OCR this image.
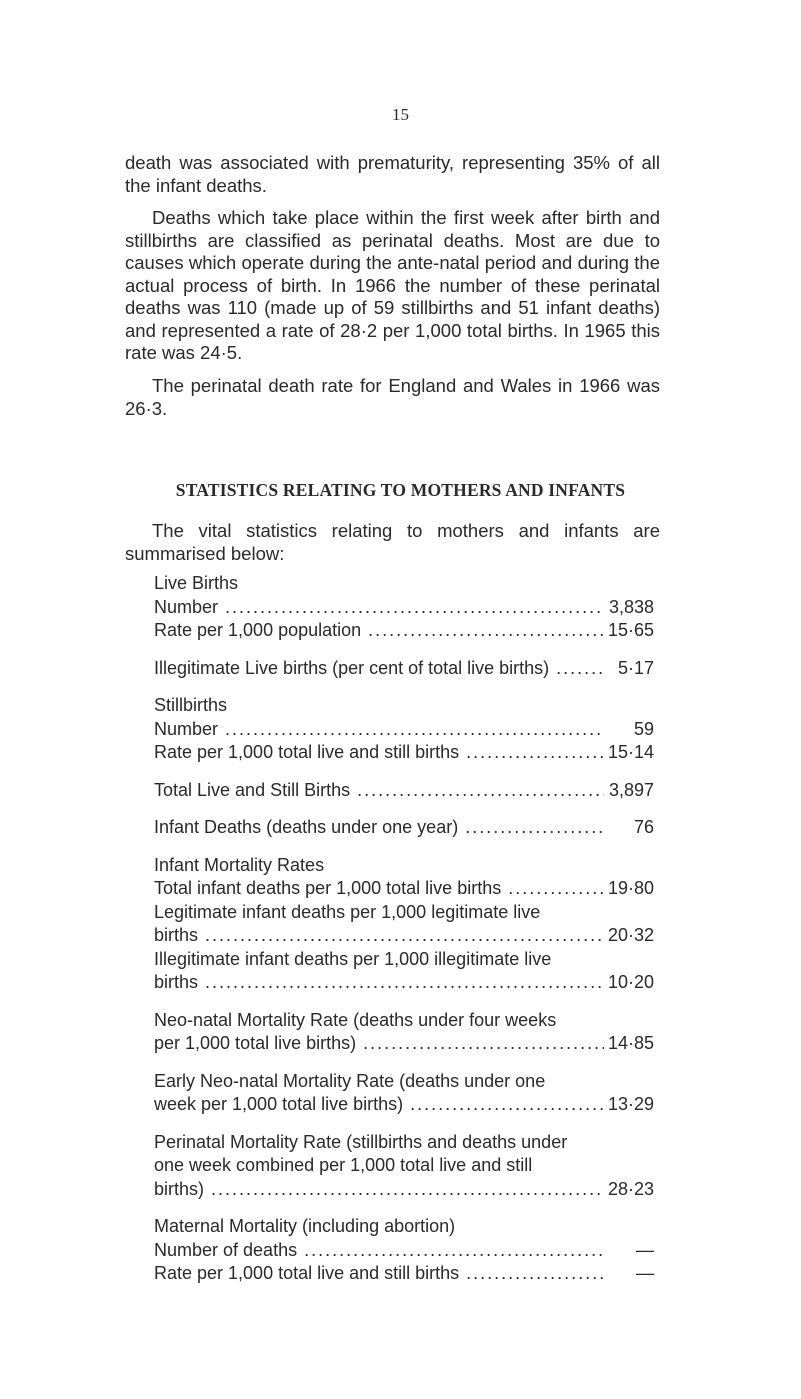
15

death was associated with prematurity, representing 35% of all the infant deaths.

Deaths which take place within the first week after birth and stillbirths are classified as perinatal deaths. Most are due to causes which operate during the ante-natal period and during the actual process of birth. In 1966 the number of these perinatal deaths was 110 (made up of 59 stillbirths and 51 infant deaths) and represented a rate of 28·2 per 1,000 total births. In 1965 this rate was 24·5.

The perinatal death rate for England and Wales in 1966 was 26·3.

STATISTICS RELATING TO MOTHERS AND INFANTS

The vital statistics relating to mothers and infants are summarised below:

Live Births
Number .....	3,838
Rate per 1,000 population .....	15·65
Illegitimate Live births (per cent of total live births) .....	5·17
Stillbirths
Number .....	59
Rate per 1,000 total live and still births .....	15·14
Total Live and Still Births .....	3,897
Infant Deaths (deaths under one year) .....	76
Infant Mortality Rates
Total infant deaths per 1,000 total live births .....	19·80
Legitimate infant deaths per 1,000 legitimate live
births .....	20·32
Illegitimate infant deaths per 1,000 illegitimate live
births .....	10·20
Neo-natal Mortality Rate (deaths under four weeks
per 1,000 total live births) .....	14·85
Early Neo-natal Mortality Rate (deaths under one
week per 1,000 total live births) .....	13·29
Perinatal Mortality Rate (stillbirths and deaths under
one week combined per 1,000 total live and still
births) .....	28·23
Maternal Mortality (including abortion)
Number of deaths .....	—
Rate per 1,000 total live and still births .....	—
